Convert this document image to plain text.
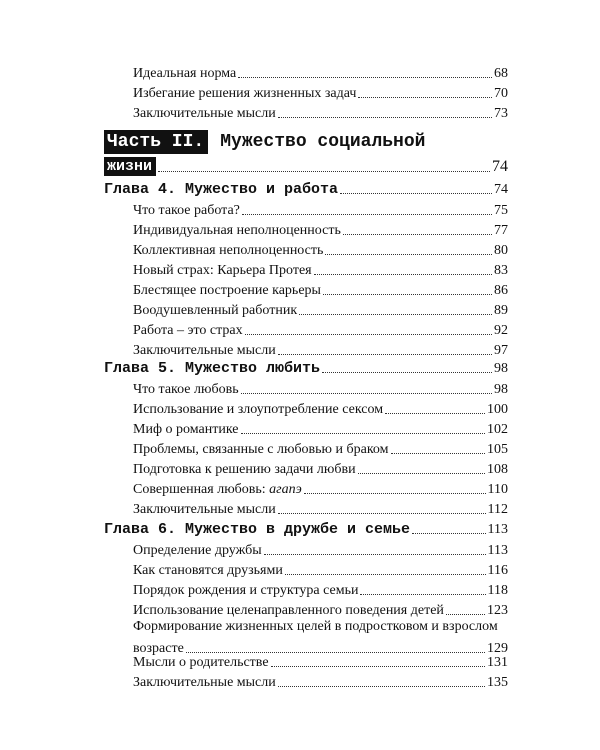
Идеальная норма	68
Избегание решения жизненных задач	70
Заключительные мысли	73
Часть II. Мужество социальной
жизни	74
Глава 4. Мужество и работа	74
Что такое работа?	75
Индивидуальная неполноценность	77
Коллективная неполноценность	80
Новый страх: Карьера Протея	83
Блестящее построение карьеры	86
Воодушевленный работник	89
Работа – это страх	92
Заключительные мысли	97
Глава 5. Мужество любить	98
Что такое любовь	98
Использование и злоупотребление сексом	100
Миф о романтике	102
Проблемы, связанные с любовью и браком	105
Подготовка к решению задачи любви	108
Совершенная любовь: агапэ	110
Заключительные мысли	112
Глава 6. Мужество в дружбе и семье	113
Определение дружбы	113
Как становятся друзьями	116
Порядок рождения и структура семьи	118
Использование целенаправленного поведения детей	123
Формирование жизненных целей в подростковом и взрослом
возрасте	129
Мысли о родительстве	131
Заключительные мысли	135
